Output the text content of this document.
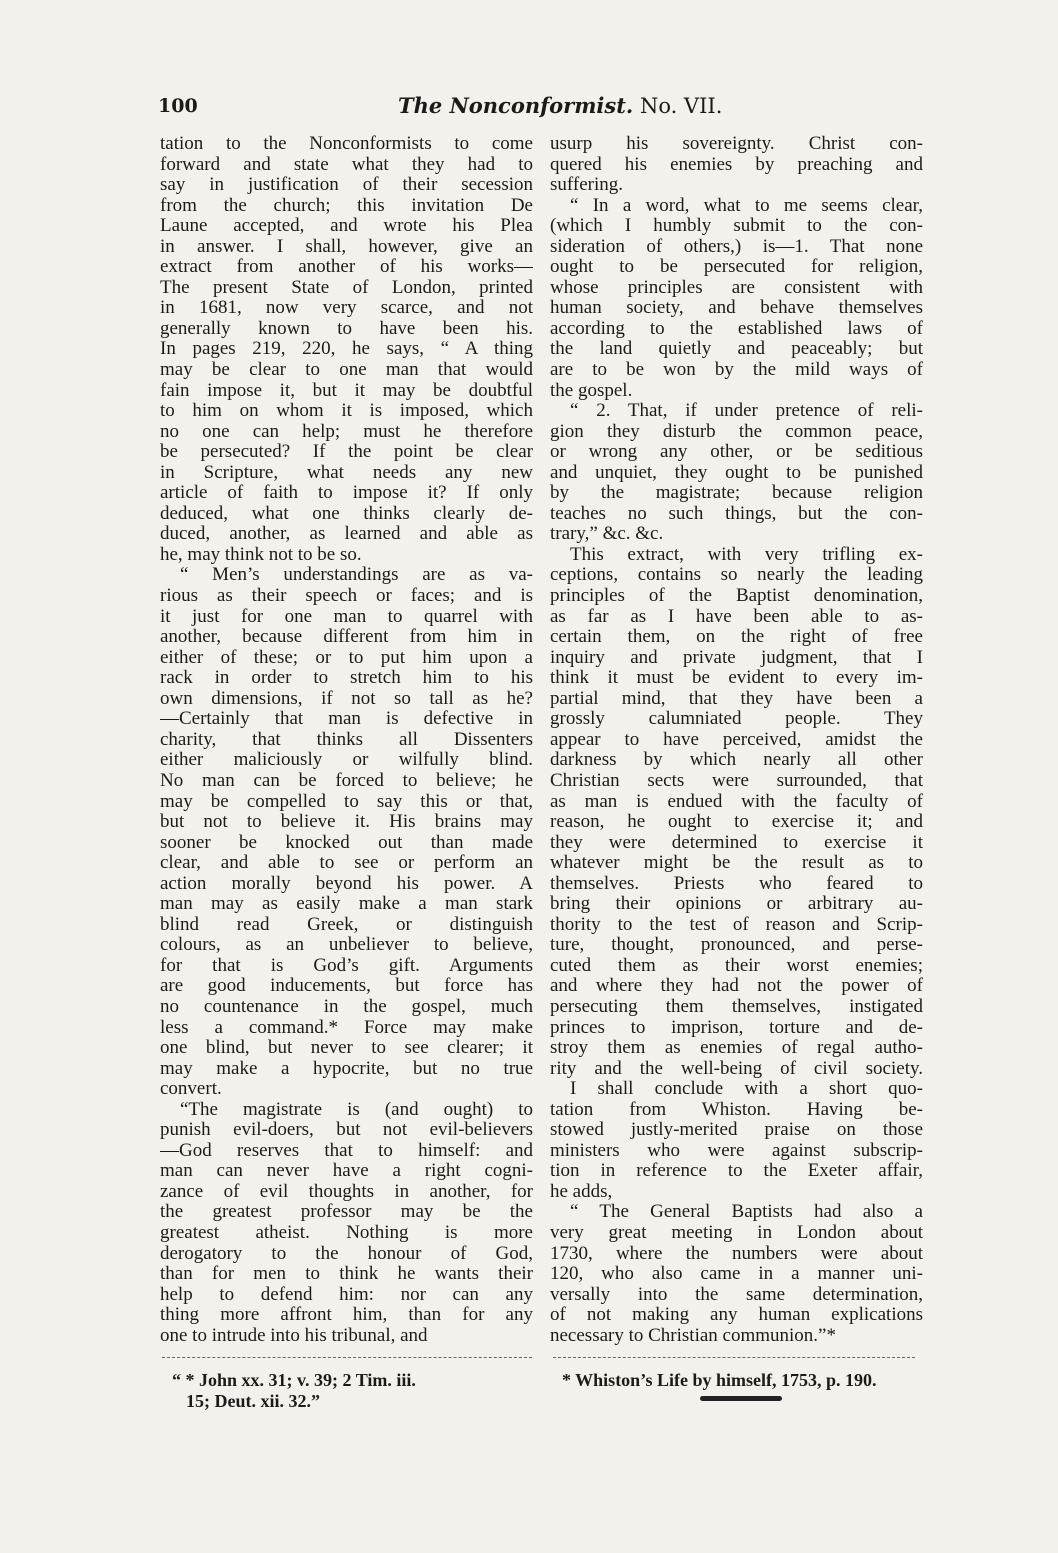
100	The Nonconformist. No. VII.
tation to the Nonconformists to come
forward and state what they had to
say in justification of their secession
from the church; this invitation De
Laune accepted, and wrote his Plea
in answer. I shall, however, give an
extract from another of his works—
The present State of London, printed
in 1681, now very scarce, and not
generally known to have been his.
In pages 219, 220, he says, “ A thing
may be clear to one man that would
fain impose it, but it may be doubtful
to him on whom it is imposed, which
no one can help; must he therefore
be persecuted? If the point be clear
in Scripture, what needs any new
article of faith to impose it? If only
deduced, what one thinks clearly de-
duced, another, as learned and able as
he, may think not to be so.
“ Men’s understandings are as va-
rious as their speech or faces; and is
it just for one man to quarrel with
another, because different from him in
either of these; or to put him upon a
rack in order to stretch him to his
own dimensions, if not so tall as he?
—Certainly that man is defective in
charity, that thinks all Dissenters
either maliciously or wilfully blind.
No man can be forced to believe; he
may be compelled to say this or that,
but not to believe it. His brains may
sooner be knocked out than made
clear, and able to see or perform an
action morally beyond his power. A
man may as easily make a man stark
blind read Greek, or distinguish
colours, as an unbeliever to believe,
for that is God’s gift. Arguments
are good inducements, but force has
no countenance in the gospel, much
less a command.* Force may make
one blind, but never to see clearer; it
may make a hypocrite, but no true
convert.
“The magistrate is (and ought) to
punish evil-doers, but not evil-believers
—God reserves that to himself: and
man can never have a right cogni-
zance of evil thoughts in another, for
the greatest professor may be the
greatest atheist. Nothing is more
derogatory to the honour of God,
than for men to think he wants their
help to defend him: nor can any
thing more affront him, than for any
one to intrude into his tribunal, and
usurp his sovereignty. Christ con-
quered his enemies by preaching and
suffering.
“ In a word, what to me seems clear,
(which I humbly submit to the con-
sideration of others,) is—1. That none
ought to be persecuted for religion,
whose principles are consistent with
human society, and behave themselves
according to the established laws of
the land quietly and peaceably; but
are to be won by the mild ways of
the gospel.
“ 2. That, if under pretence of reli-
gion they disturb the common peace,
or wrong any other, or be seditious
and unquiet, they ought to be punished
by the magistrate; because religion
teaches no such things, but the con-
trary,” &c. &c.
This extract, with very trifling ex-
ceptions, contains so nearly the leading
principles of the Baptist denomination,
as far as I have been able to as-
certain them, on the right of free
inquiry and private judgment, that I
think it must be evident to every im-
partial mind, that they have been a
grossly calumniated people. They
appear to have perceived, amidst the
darkness by which nearly all other
Christian sects were surrounded, that
as man is endued with the faculty of
reason, he ought to exercise it; and
they were determined to exercise it
whatever might be the result as to
themselves. Priests who feared to
bring their opinions or arbitrary au-
thority to the test of reason and Scrip-
ture, thought, pronounced, and perse-
cuted them as their worst enemies;
and where they had not the power of
persecuting them themselves, instigated
princes to imprison, torture and de-
stroy them as enemies of regal autho-
rity and the well-being of civil society.
I shall conclude with a short quo-
tation from Whiston. Having be-
stowed justly-merited praise on those
ministers who were against subscrip-
tion in reference to the Exeter affair,
he adds,
“ The General Baptists had also a
very great meeting in London about
1730, where the numbers were about
120, who also came in a manner uni-
versally into the same determination,
of not making any human explications
necessary to Christian communion.”*
“ * John xx. 31; v. 39; 2 Tim. iii.
15; Deut. xii. 32.”
* Whiston’s Life by himself, 1753, p. 190.
